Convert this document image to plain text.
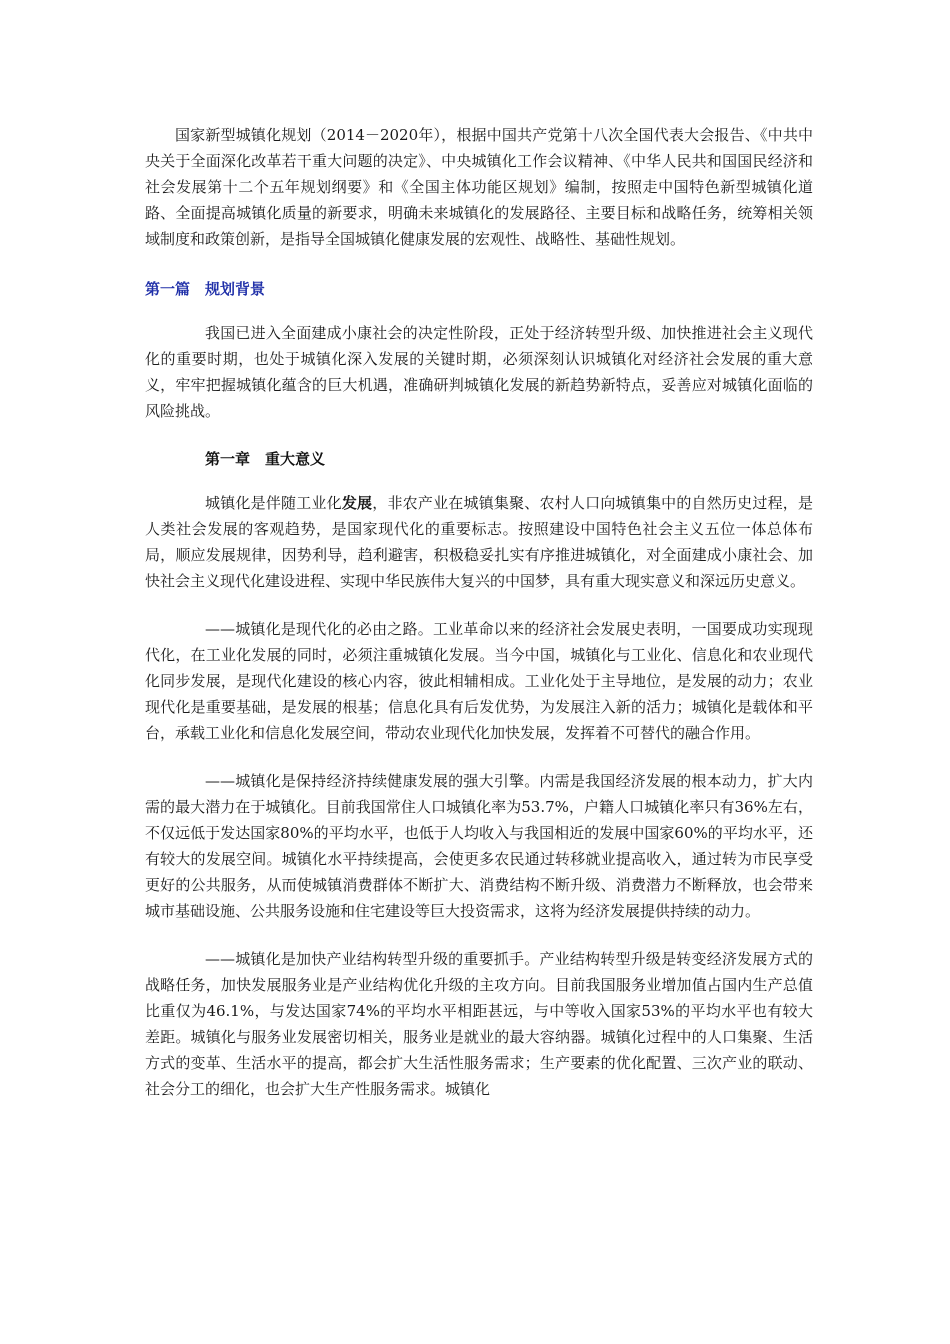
国家新型城镇化规划（2014－2020年），根据中国共产党第十八次全国代表大会报告、《中共中央关于全面深化改革若干重大问题的决定》、中央城镇化工作会议精神、《中华人民共和国国民经济和社会发展第十二个五年规划纲要》和《全国主体功能区规划》编制，按照走中国特色新型城镇化道路、全面提高城镇化质量的新要求，明确未来城镇化的发展路径、主要目标和战略任务，统筹相关领域制度和政策创新，是指导全国城镇化健康发展的宏观性、战略性、基础性规划。

第一篇　规划背景

我国已进入全面建成小康社会的决定性阶段，正处于经济转型升级、加快推进社会主义现代化的重要时期，也处于城镇化深入发展的关键时期，必须深刻认识城镇化对经济社会发展的重大意义，牢牢把握城镇化蕴含的巨大机遇，准确研判城镇化发展的新趋势新特点，妥善应对城镇化面临的风险挑战。

第一章　重大意义

城镇化是伴随工业化发展，非农产业在城镇集聚、农村人口向城镇集中的自然历史过程，是人类社会发展的客观趋势，是国家现代化的重要标志。按照建设中国特色社会主义五位一体总体布局，顺应发展规律，因势利导，趋利避害，积极稳妥扎实有序推进城镇化，对全面建成小康社会、加快社会主义现代化建设进程、实现中华民族伟大复兴的中国梦，具有重大现实意义和深远历史意义。

——城镇化是现代化的必由之路。工业革命以来的经济社会发展史表明，一国要成功实现现代化，在工业化发展的同时，必须注重城镇化发展。当今中国，城镇化与工业化、信息化和农业现代化同步发展，是现代化建设的核心内容，彼此相辅相成。工业化处于主导地位，是发展的动力；农业现代化是重要基础，是发展的根基；信息化具有后发优势，为发展注入新的活力；城镇化是载体和平台，承载工业化和信息化发展空间，带动农业现代化加快发展，发挥着不可替代的融合作用。

——城镇化是保持经济持续健康发展的强大引擎。内需是我国经济发展的根本动力，扩大内需的最大潜力在于城镇化。目前我国常住人口城镇化率为53.7%，户籍人口城镇化率只有36%左右，不仅远低于发达国家80%的平均水平，也低于人均收入与我国相近的发展中国家60%的平均水平，还有较大的发展空间。城镇化水平持续提高，会使更多农民通过转移就业提高收入，通过转为市民享受更好的公共服务，从而使城镇消费群体不断扩大、消费结构不断升级、消费潜力不断释放，也会带来城市基础设施、公共服务设施和住宅建设等巨大投资需求，这将为经济发展提供持续的动力。

——城镇化是加快产业结构转型升级的重要抓手。产业结构转型升级是转变经济发展方式的战略任务，加快发展服务业是产业结构优化升级的主攻方向。目前我国服务业增加值占国内生产总值比重仅为46.1%，与发达国家74%的平均水平相距甚远，与中等收入国家53%的平均水平也有较大差距。城镇化与服务业发展密切相关，服务业是就业的最大容纳器。城镇化过程中的人口集聚、生活方式的变革、生活水平的提高，都会扩大生活性服务需求；生产要素的优化配置、三次产业的联动、社会分工的细化，也会扩大生产性服务需求。城镇化
